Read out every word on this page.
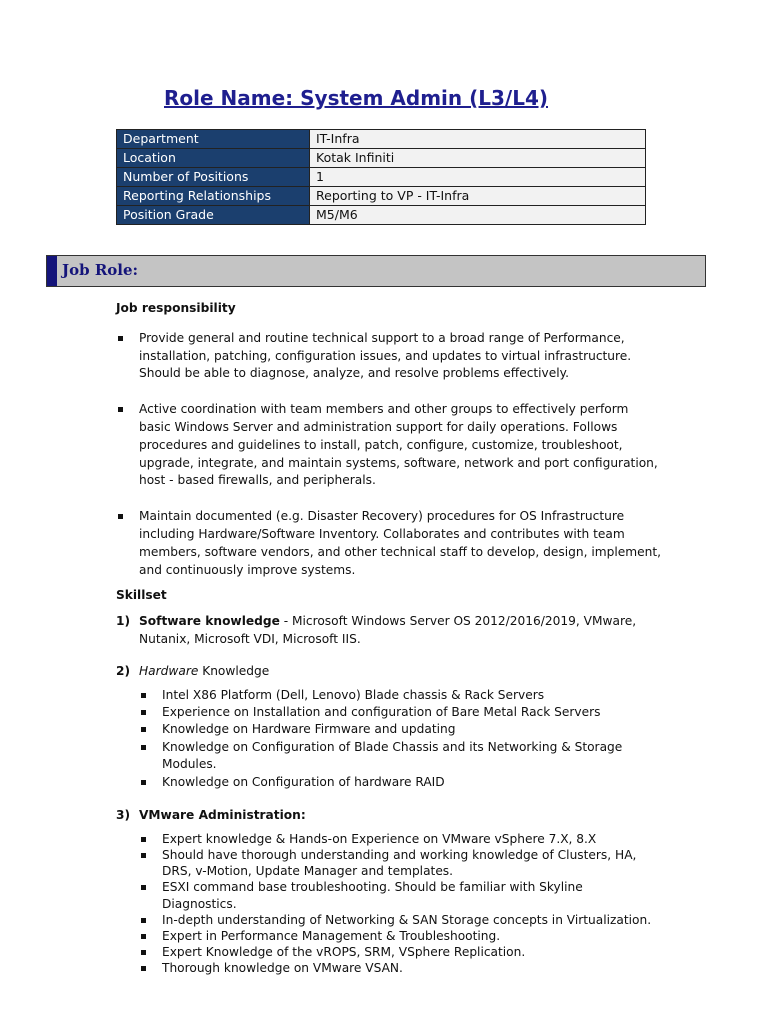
Role Name: System Admin (L3/L4)
Department	IT-Infra
Location	Kotak Infiniti
Number of Positions	1
Reporting Relationships	Reporting to VP - IT-Infra
Position Grade	M5/M6
Job Role:
Job responsibility
Provide general and routine technical support to a broad range of Performance, installation, patching, configuration issues, and updates to virtual infrastructure. Should be able to diagnose, analyze, and resolve problems effectively.
Active coordination with team members and other groups to effectively perform basic Windows Server and administration support for daily operations. Follows procedures and guidelines to install, patch, configure, customize, troubleshoot, upgrade, integrate, and maintain systems, software, network and port configuration, host - based firewalls, and peripherals.
Maintain documented (e.g. Disaster Recovery) procedures for OS Infrastructure including Hardware/Software Inventory. Collaborates and contributes with team members, software vendors, and other technical staff to develop, design, implement, and continuously improve systems.
Skillset
1) Software knowledge - Microsoft Windows Server OS 2012/2016/2019, VMware, Nutanix, Microsoft VDI, Microsoft IIS.
2) Hardware Knowledge
Intel X86 Platform (Dell, Lenovo) Blade chassis & Rack Servers
Experience on Installation and configuration of Bare Metal Rack Servers
Knowledge on Hardware Firmware and updating
Knowledge on Configuration of Blade Chassis and its Networking & Storage Modules.
Knowledge on Configuration of hardware RAID
3) VMware Administration:
Expert knowledge & Hands-on Experience on VMware vSphere 7.X, 8.X
Should have thorough understanding and working knowledge of Clusters, HA, DRS, v-Motion, Update Manager and templates.
ESXI command base troubleshooting. Should be familiar with Skyline Diagnostics.
In-depth understanding of Networking & SAN Storage concepts in Virtualization.
Expert in Performance Management & Troubleshooting.
Expert Knowledge of the vROPS, SRM, VSphere Replication.
Thorough knowledge on VMware VSAN.
